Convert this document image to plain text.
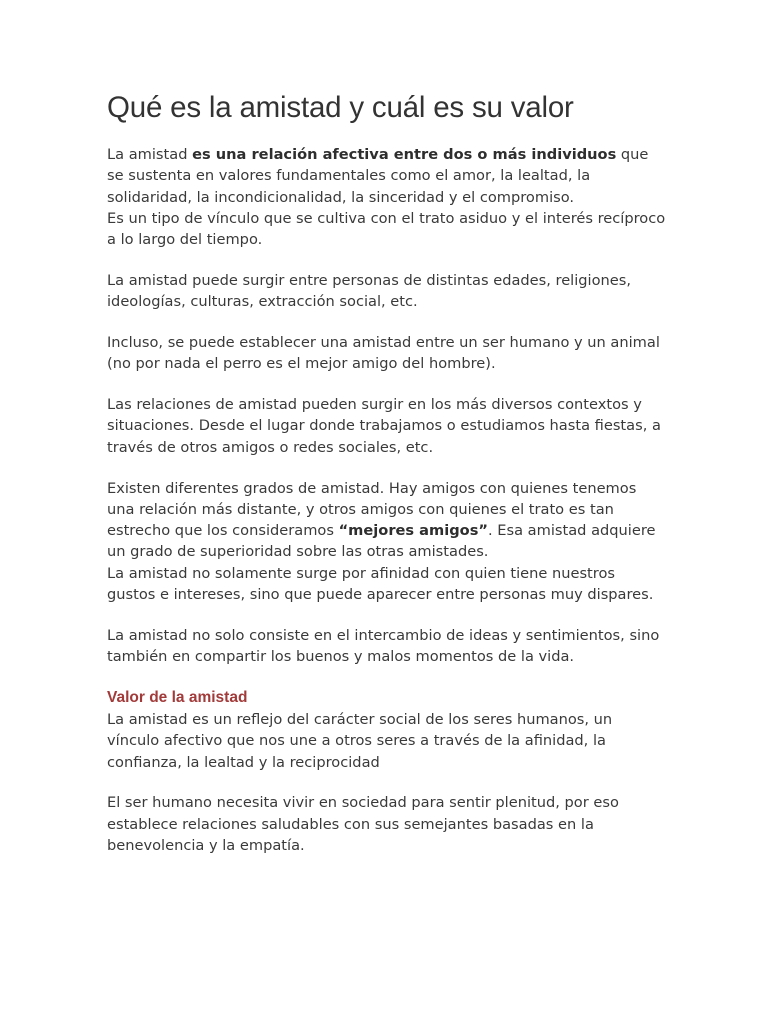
Qué es la amistad y cuál es su valor

La amistad es una relación afectiva entre dos o más individuos que se sustenta en valores fundamentales como el amor, la lealtad, la solidaridad, la incondicionalidad, la sinceridad y el compromiso.

Es un tipo de vínculo que se cultiva con el trato asiduo y el interés recíproco a lo largo del tiempo.

La amistad puede surgir entre personas de distintas edades, religiones, ideologías, culturas, extracción social, etc.

Incluso, se puede establecer una amistad entre un ser humano y un animal (no por nada el perro es el mejor amigo del hombre).

Las relaciones de amistad pueden surgir en los más diversos contextos y situaciones. Desde el lugar donde trabajamos o estudiamos hasta fiestas, a través de otros amigos o redes sociales, etc.

Existen diferentes grados de amistad. Hay amigos con quienes tenemos una relación más distante, y otros amigos con quienes el trato es tan estrecho que los consideramos “mejores amigos”. Esa amistad adquiere un grado de superioridad sobre las otras amistades.

La amistad no solamente surge por afinidad con quien tiene nuestros gustos e intereses, sino que puede aparecer entre personas muy dispares.

La amistad no solo consiste en el intercambio de ideas y sentimientos, sino también en compartir los buenos y malos momentos de la vida.

Valor de la amistad

La amistad es un reflejo del carácter social de los seres humanos, un vínculo afectivo que nos une a otros seres a través de la afinidad, la confianza, la lealtad y la reciprocidad

El ser humano necesita vivir en sociedad para sentir plenitud, por eso establece relaciones saludables con sus semejantes basadas en la benevolencia y la empatía.
